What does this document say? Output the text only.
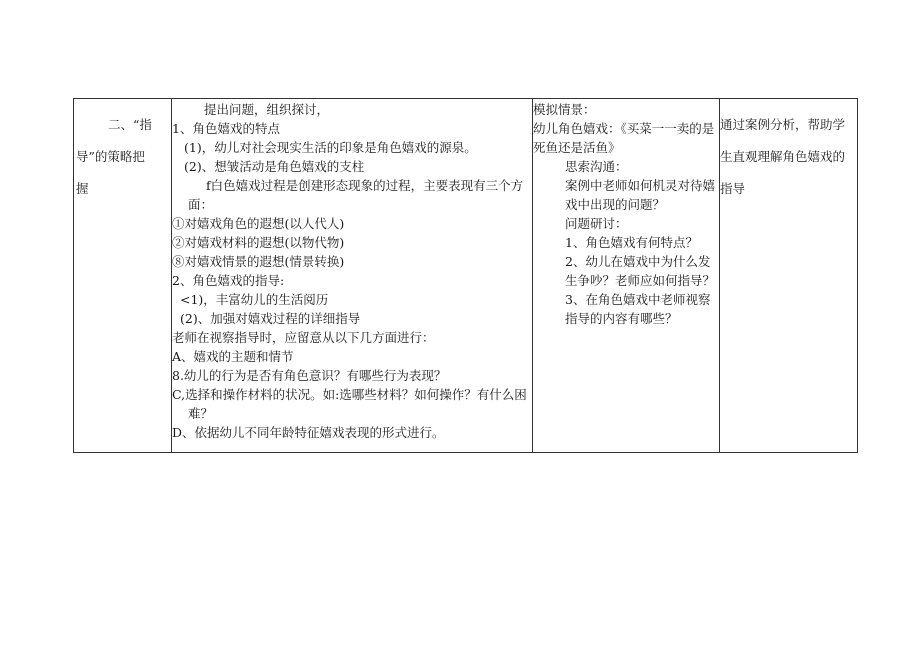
二、“指
导”的策略把
握

提出问题，组织探讨，
1、角色嬉戏的特点
(1)，幼儿对社会现实生活的印象是角色嬉戏的源泉。
(2)、想皱活动是角色嬉戏的支柱
f白色嬉戏过程是创建形态现象的过程，主要表现有三个方
面：
①对嬉戏角色的遐想(以人代人)
②对嬉戏材料的遐想(以物代物)
⑧对嬉戏情景的遐想(情景转换)
2、角色嬉戏的指导:
<1)，丰富幼儿的生活阅历
(2)、加强对嬉戏过程的详细指导
老师在视察指导时，应留意从以下几方面进行：
A、嬉戏的主题和情节
8.幼儿的行为是否有角色意识？有哪些行为表现？
C,选择和操作材料的状况。如:选哪些材料？如何操作？有什么困
难？
D、依据幼儿不同年龄特征嬉戏表现的形式进行。

模拟情景：
幼儿角色嬉戏：《买菜一一卖的是死鱼还是活鱼》
思索沟通：
案例中老师如何机灵对待嬉戏中出现的问题？
问题研讨：
1、角色嬉戏有何特点？
2、幼儿在嬉戏中为什么发生争吵？老师应如何指导？
3、在角色嬉戏中老师视察指导的内容有哪些？

通过案例分析，帮助学生直观理解角色嬉戏的指导
